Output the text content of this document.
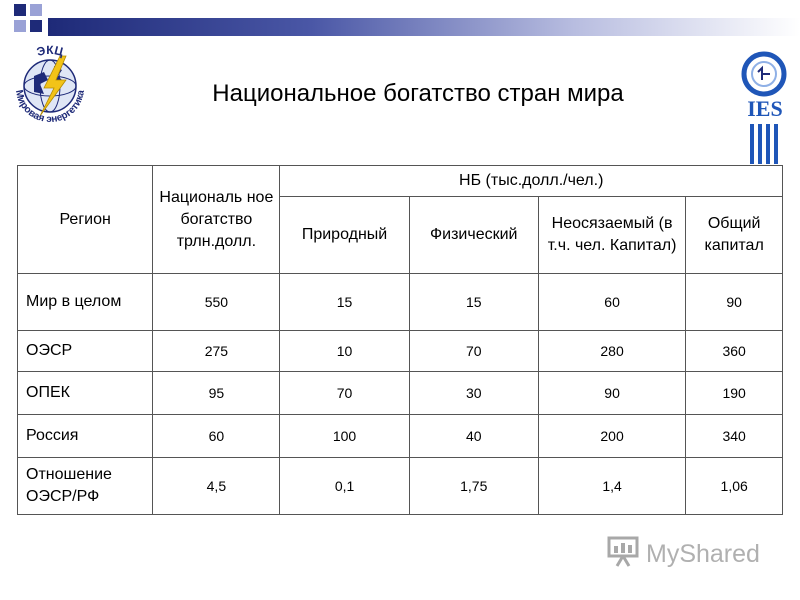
ЭКЦ
Мировая энергетика
IES
Национальное богатство стран мира
Регион	Националь ное богатство трлн.долл.	НБ (тыс.долл./чел.)			
		Природный	Физический	Неосязаемый (в т.ч. чел. Капитал)	Общий капитал

Мир в целом	550	15	15	60	90
ОЭСР	275	10	70	280	360
ОПЕК	95	70	30	90	190
Россия	60	100	40	200	340

Отношение ОЭСР/РФ	4,5	0,1	1,75	1,4	1,06
MyShared
